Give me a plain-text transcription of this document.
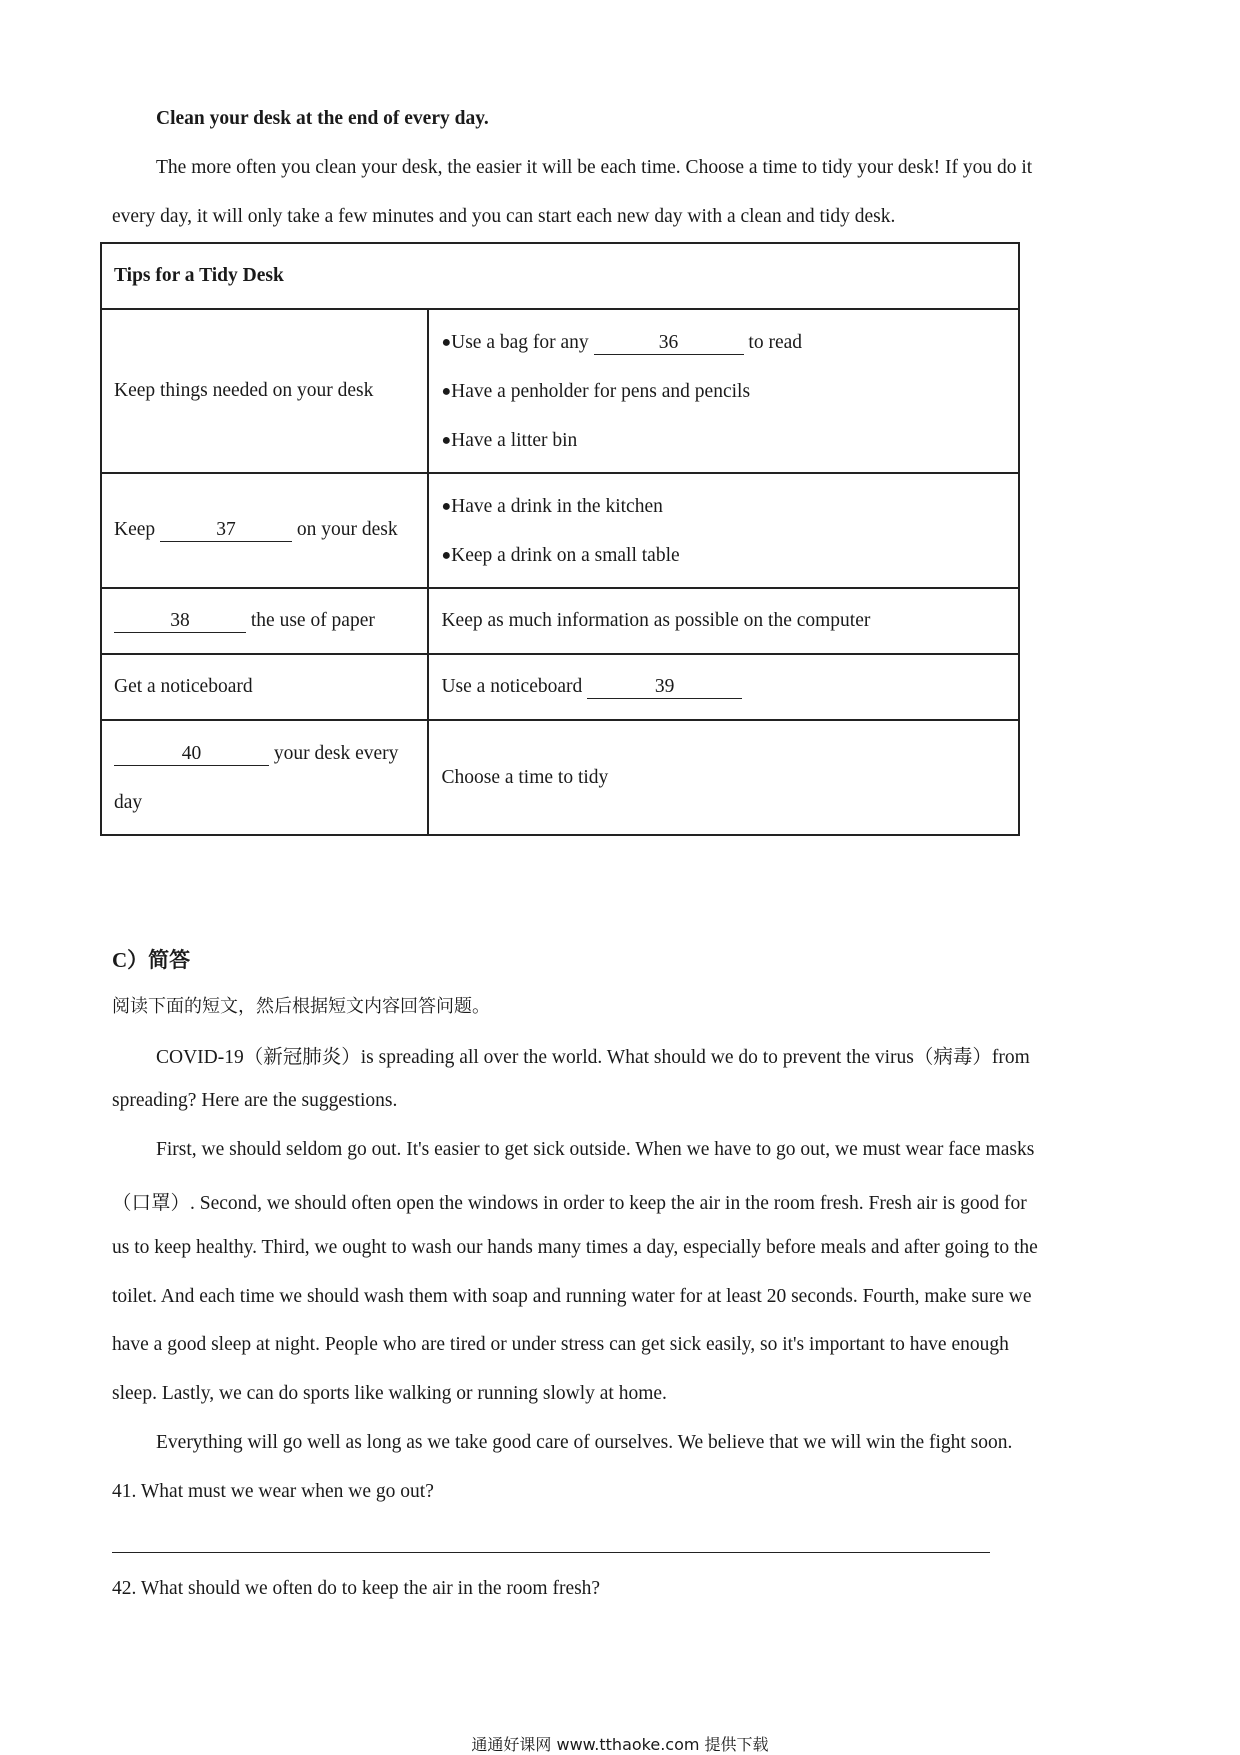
Clean your desk at the end of every day.
The more often you clean your desk, the easier it will be each time. Choose a time to tidy your desk! If you do it
every day, it will only take a few minutes and you can start each new day with a clean and tidy desk.
Tips for a Tidy Desk	
Keep things needed on your desk	●Use a bag for any 36 to read
●Have a penholder for pens and pencils
●Have a litter bin

Keep 37 on your desk	●Have a drink in the kitchen
●Keep a drink on a small table

38 the use of paper	Keep as much information as possible on the computer
Get a noticeboard	Use a noticeboard 39

40 your desk every
day	Choose a time to tidy
C）简答
阅读下面的短文，然后根据短文内容回答问题。
COVID-19（新冠肺炎）is spreading all over the world. What should we do to prevent the virus（病毒）from
spreading? Here are the suggestions.
First, we should seldom go out. It's easier to get sick outside. When we have to go out, we must wear face masks
（口罩）. Second, we should often open the windows in order to keep the air in the room fresh. Fresh air is good for
us to keep healthy. Third, we ought to wash our hands many times a day, especially before meals and after going to the
toilet. And each time we should wash them with soap and running water for at least 20 seconds. Fourth, make sure we
have a good sleep at night. People who are tired or under stress can get sick easily, so it's important to have enough
sleep. Lastly, we can do sports like walking or running slowly at home.
Everything will go well as long as we take good care of ourselves. We believe that we will win the fight soon.
41. What must we wear when we go out?
42. What should we often do to keep the air in the room fresh?
通通好课网 www.tthaoke.com 提供下载
